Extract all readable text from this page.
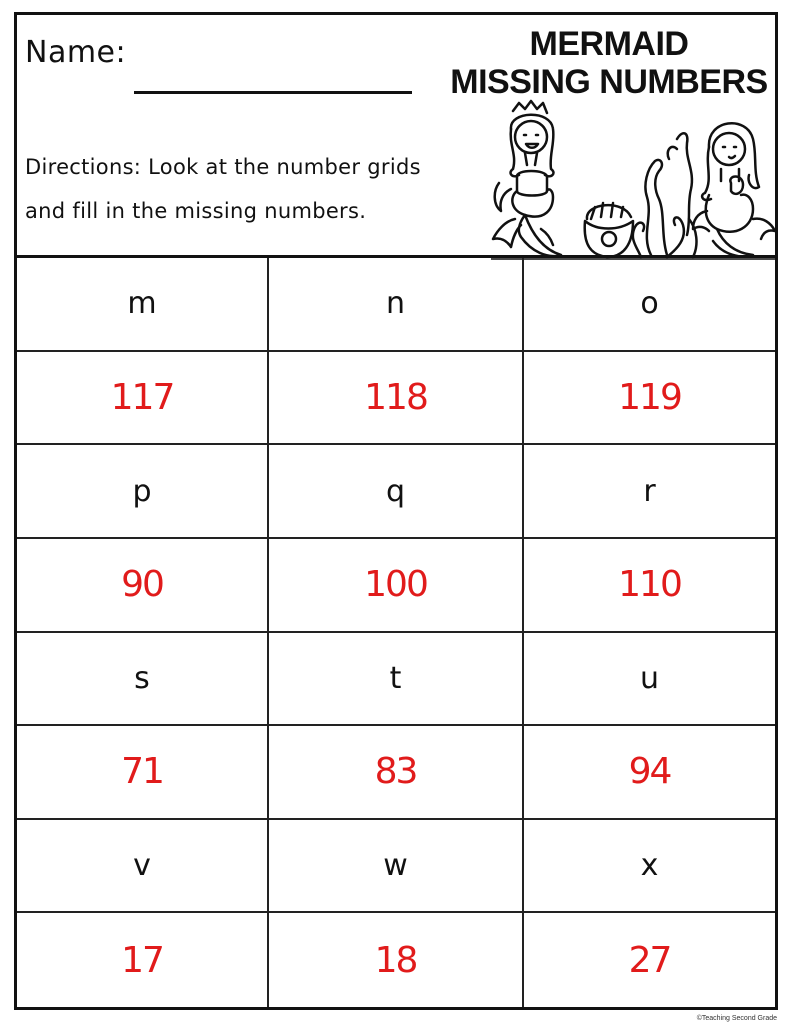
Name:	MERMAID
MISSING NUMBERS
Directions: Look at the number grids
and fill in the missing numbers.
m	n	o
117	118	119
p	q	r
90	100	110
s	t	u
71	83	94
v	w	x
17	18	27
©Teaching Second Grade
